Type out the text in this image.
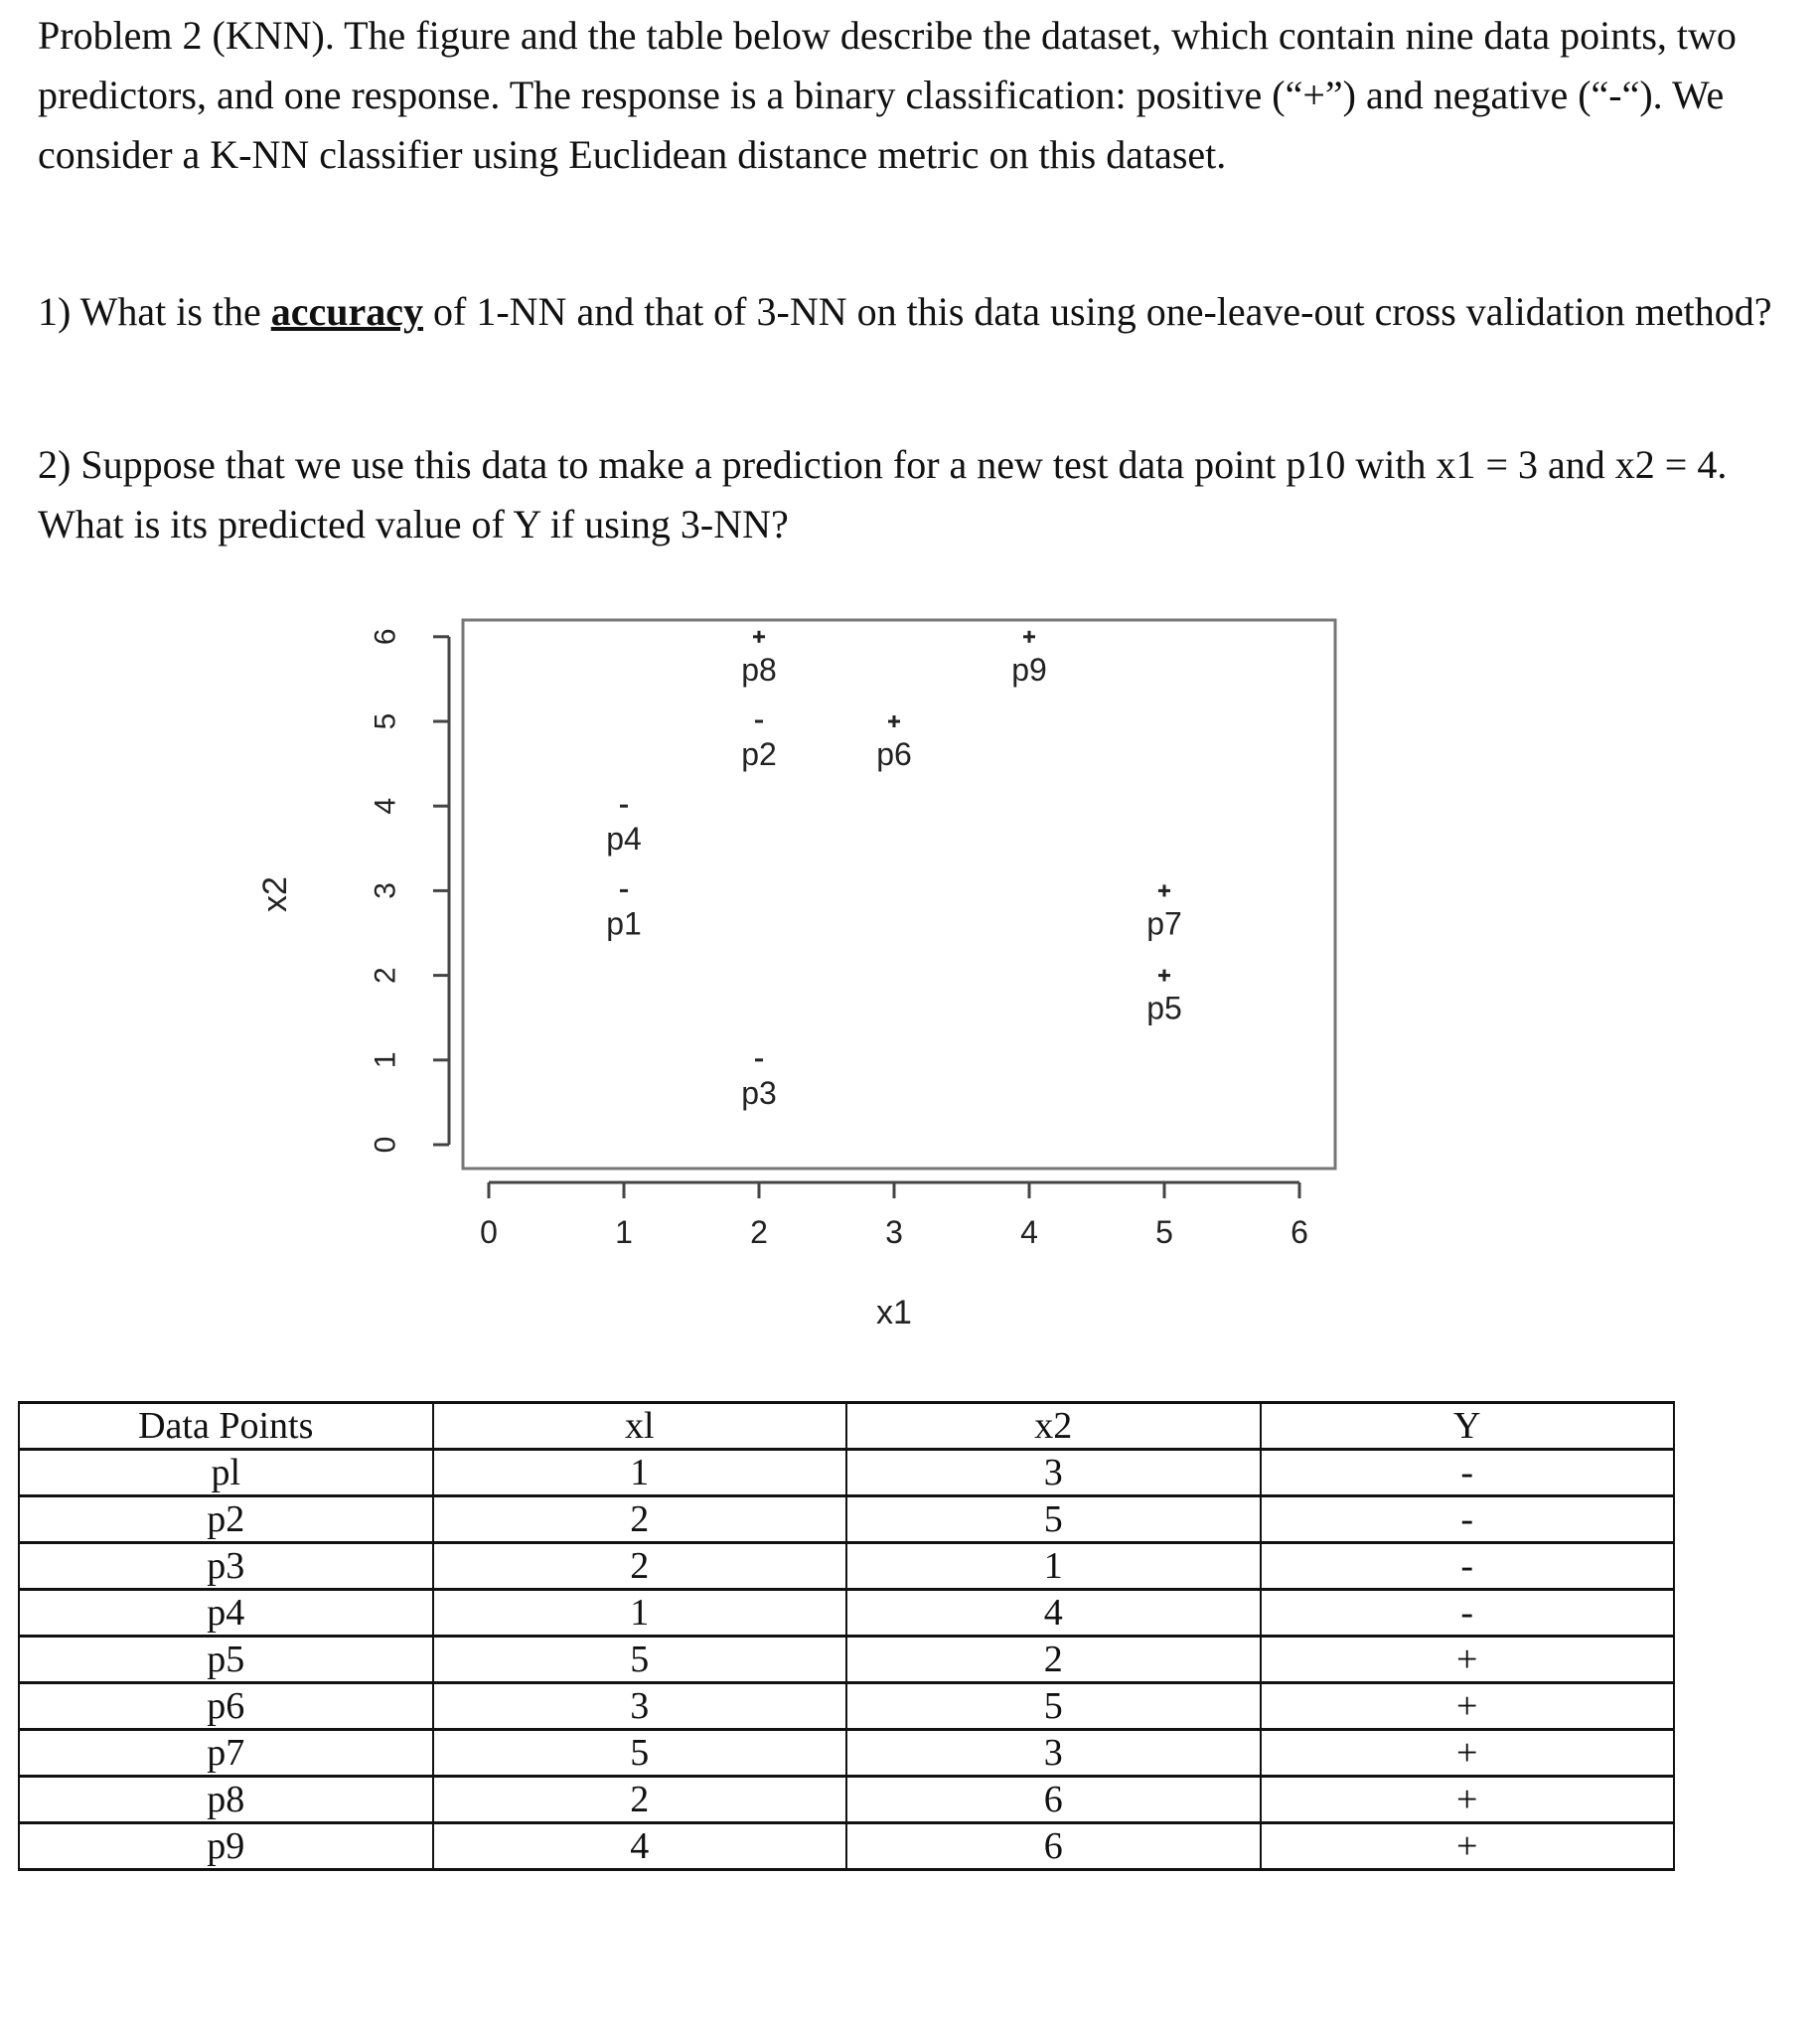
Problem 2 (KNN). The figure and the table below describe the dataset, which contain nine data points, two predictors, and one response. The response is a binary classification: positive (“+”) and negative (“-“). We consider a K-NN classifier using Euclidean distance metric on this dataset.

1) What is the accuracy of 1-NN and that of 3-NN on this data using one-leave-out cross validation method?

2) Suppose that we use this data to make a prediction for a new test data point p10 with x1 = 3 and x2 = 4. What is its predicted value of Y if using 3-NN?

0	1	2	3	4	5	6
0
1
2
3
4
5
6
p1
p2
p3
p4
p5
p6
p7
p8	p9
x1
x2
Data Points	xl	x2	Y
pl	1	3	-
p2	2	5	-
p3	2	1	-
p4	1	4	-
p5	5	2	+
p6	3	5	+
p7	5	3	+
p8	2	6	+
p9	4	6	+
